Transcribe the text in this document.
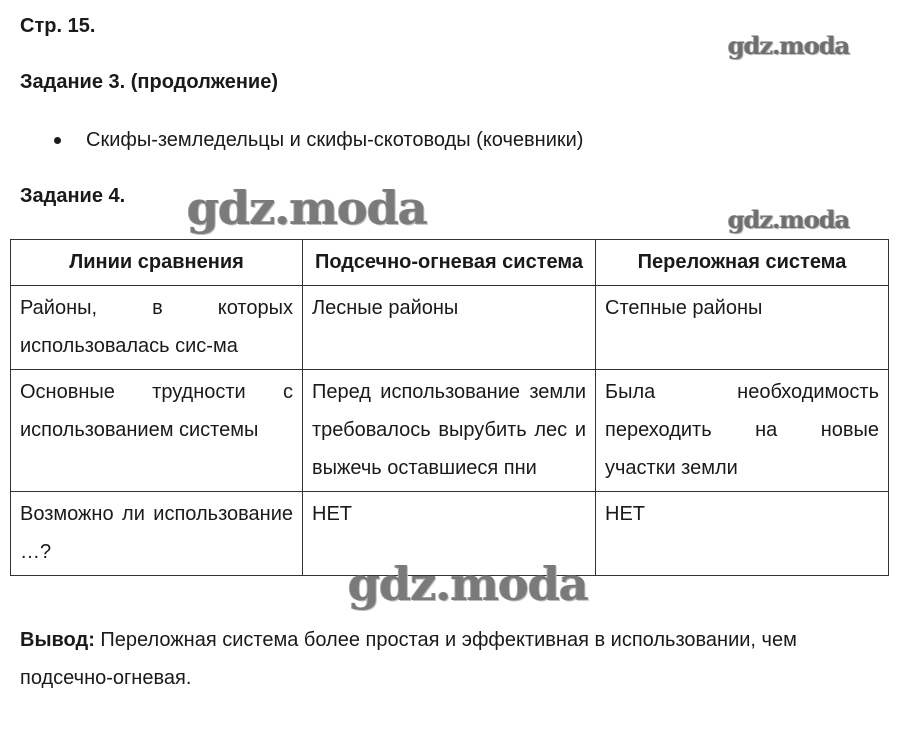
Стр. 15.
gdz.moda
Задание 3. (продолжение)
Скифы-земледельцы и скифы-скотоводы (кочевники)
Задание 4.
Линии сравнения	Подсечно-огневая система	Переложная система
Районы, в которых использовалась сис-ма	Лесные районы	Степные районы
Основные трудности с использованием системы	Перед использование земли требовалось вырубить лес и выжечь оставшиеся пни	Была необходимость переходить на новые участки земли
Возможно ли использование …?	НЕТ	НЕТ
Вывод: Переложная система более простая и эффективная в использовании, чем подсечно-огневая.
gdz.moda	gdz.moda
gdz.moda
